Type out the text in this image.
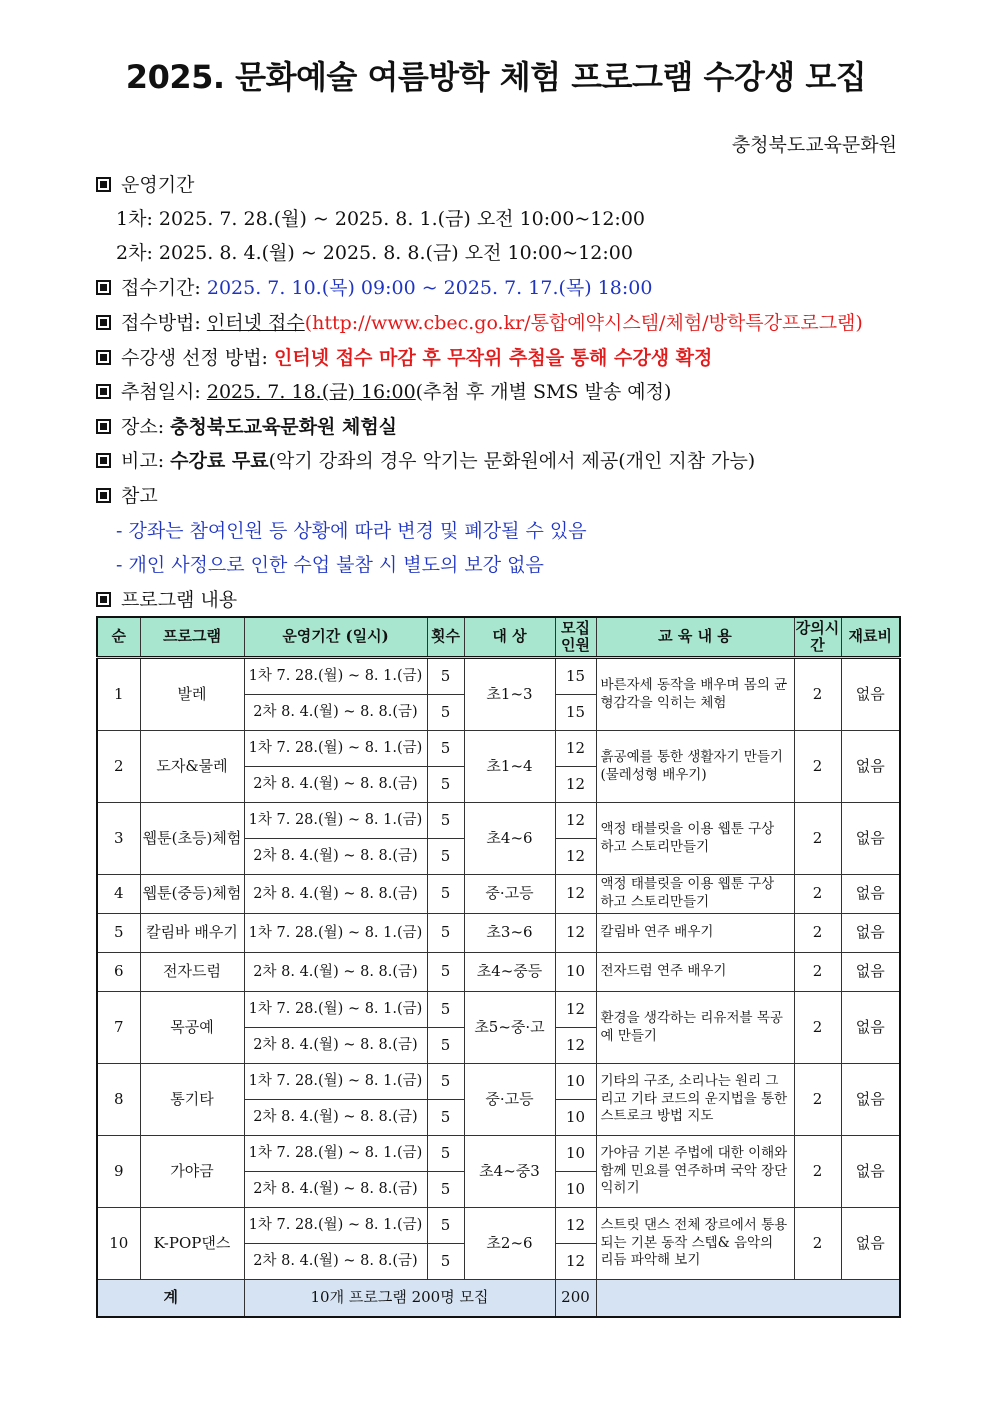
2025. 문화예술 여름방학 체험 프로그램 수강생 모집
충청북도교육문화원
운영기간
1차: 2025. 7. 28.(월) ~ 2025. 8. 1.(금) 오전 10:00~12:00
2차: 2025. 8. 4.(월) ~ 2025. 8. 8.(금) 오전 10:00~12:00
접수기간: 2025. 7. 10.(목) 09:00 ~ 2025. 7. 17.(목) 18:00
접수방법: 인터넷 접수(http://www.cbec.go.kr/통합예약시스템/체험/방학특강프로그램)
수강생 선정 방법: 인터넷 접수 마감 후 무작위 추첨을 통해 수강생 확정
추첨일시: 2025. 7. 18.(금) 16:00(추첨 후 개별 SMS 발송 예정)
장소: 충청북도교육문화원 체험실
비고: 수강료 무료(악기 강좌의 경우 악기는 문화원에서 제공(개인 지참 가능)
참고
- 강좌는 참여인원 등 상황에 따라 변경 및 폐강될 수 있음
- 개인 사정으로 인한 수업 불참 시 별도의 보강 없음
프로그램 내용
순	프로그램	운영기간 (일시)	횟수	대 상	모집인원	교 육 내 용	강의시간	재료비
1	발레	1차 7. 28.(월) ~ 8. 1.(금)	5	초1~3	15	바른자세 동작을 배우며 몸의 균형감각을 익히는 체험	2	없음
		2차 8. 4.(월) ~ 8. 8.(금)	5		15			
2	도자&물레	1차 7. 28.(월) ~ 8. 1.(금)	5	초1~4	12	흙공예를 통한 생활자기 만들기(물레성형 배우기)	2	없음
		2차 8. 4.(월) ~ 8. 8.(금)	5		12			
3	웹툰(초등)체험	1차 7. 28.(월) ~ 8. 1.(금)	5	초4~6	12	액정 태블릿을 이용 웹툰 구상 하고 스토리만들기	2	없음
		2차 8. 4.(월) ~ 8. 8.(금)	5		12			
4	웹툰(중등)체험	2차 8. 4.(월) ~ 8. 8.(금)	5	중·고등	12	액정 태블릿을 이용 웹툰 구상 하고 스토리만들기	2	없음
5	칼림바 배우기	1차 7. 28.(월) ~ 8. 1.(금)	5	초3~6	12	칼림바 연주 배우기	2	없음
6	전자드럼	2차 8. 4.(월) ~ 8. 8.(금)	5	초4~중등	10	전자드럼 연주 배우기	2	없음
7	목공예	1차 7. 28.(월) ~ 8. 1.(금)	5	초5~중·고	12	환경을 생각하는 리유저블 목공예 만들기	2	없음
		2차 8. 4.(월) ~ 8. 8.(금)	5		12			
8	통기타	1차 7. 28.(월) ~ 8. 1.(금)	5	중·고등	10	기타의 구조, 소리나는 원리 그리고 기타 코드의 운지법을 통한 스트로크 방법 지도	2	없음
		2차 8. 4.(월) ~ 8. 8.(금)	5		10			
9	가야금	1차 7. 28.(월) ~ 8. 1.(금)	5	초4~중3	10	가야금 기본 주법에 대한 이해와 함께 민요를 연주하며 국악 장단 익히기	2	없음
		2차 8. 4.(월) ~ 8. 8.(금)	5		10			
10	K-POP댄스	1차 7. 28.(월) ~ 8. 1.(금)	5	초2~6	12	스트릿 댄스 전체 장르에서 통용되는 기본 동작 스텝& 음악의 리듬 파악해 보기	2	없음
		2차 8. 4.(월) ~ 8. 8.(금)	5		12			
계		10개 프로그램 200명 모집			200			
